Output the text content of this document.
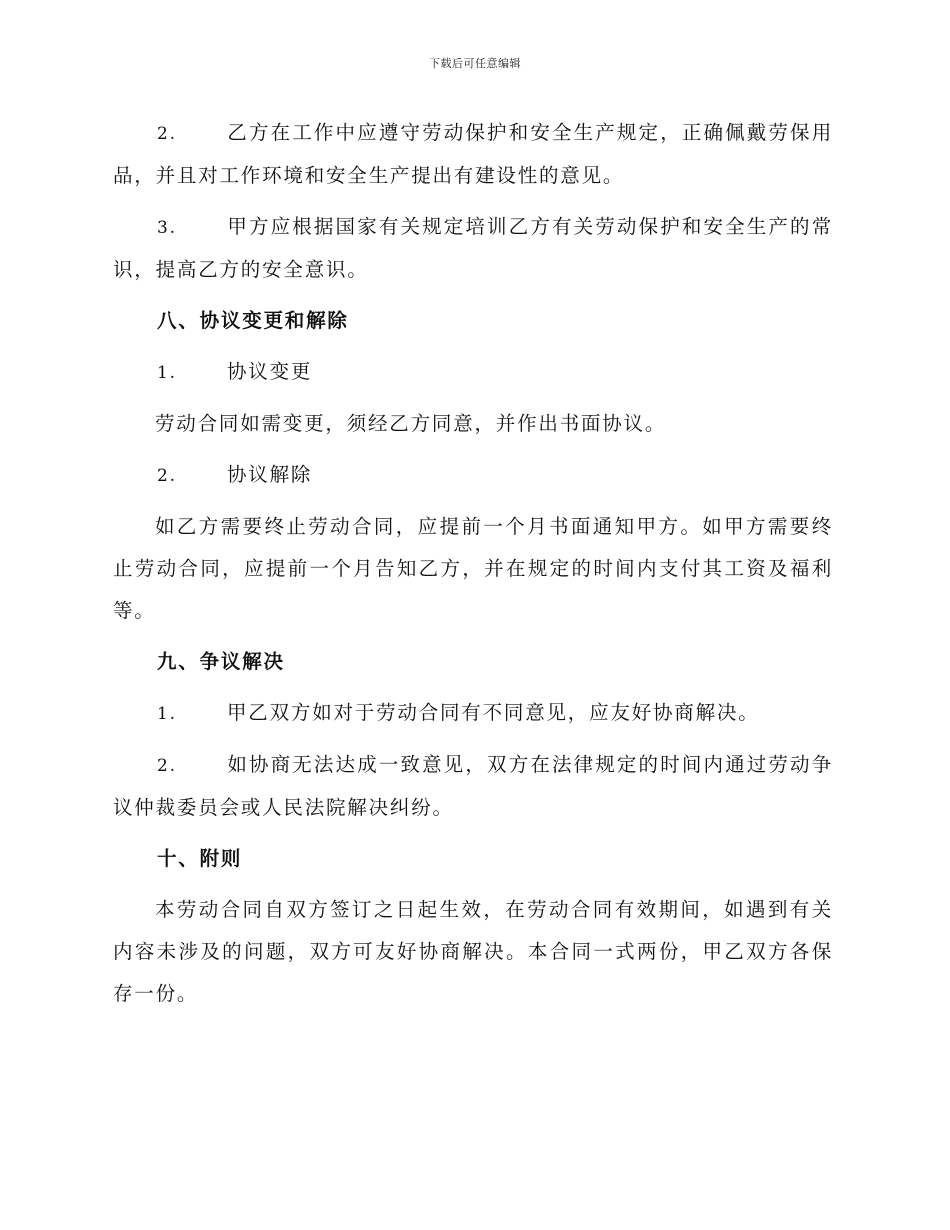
下载后可任意编辑

2.	乙方在工作中应遵守劳动保护和安全生产规定，正确佩戴劳保用品，并且对工作环境和安全生产提出有建设性的意见。

3.	甲方应根据国家有关规定培训乙方有关劳动保护和安全生产的常识，提高乙方的安全意识。

八、协议变更和解除

1.	协议变更

劳动合同如需变更，须经乙方同意，并作出书面协议。

2.	协议解除

如乙方需要终止劳动合同，应提前一个月书面通知甲方。如甲方需要终止劳动合同，应提前一个月告知乙方，并在规定的时间内支付其工资及福利等。

九、争议解决

1.	甲乙双方如对于劳动合同有不同意见，应友好协商解决。

2.	如协商无法达成一致意见，双方在法律规定的时间内通过劳动争议仲裁委员会或人民法院解决纠纷。

十、附则

本劳动合同自双方签订之日起生效，在劳动合同有效期间，如遇到有关内容未涉及的问题，双方可友好协商解决。本合同一式两份，甲乙双方各保存一份。
